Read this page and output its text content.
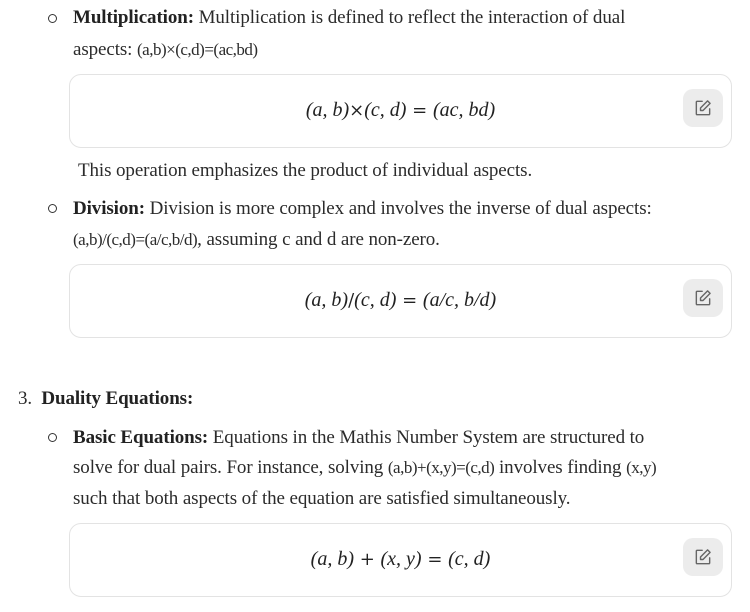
Multiplication: Multiplication is defined to reflect the interaction of dual
aspects: (a,b)×(c,d)=(ac,bd)
(a, b)×(c, d) = (ac, bd)
This operation emphasizes the product of individual aspects.
Division: Division is more complex and involves the inverse of dual aspects:
(a,b)/(c,d)=(a/c,b/d), assuming c and d are non-zero.
(a, b)/(c, d) = (a/c, b/d)
3. Duality Equations:
Basic Equations: Equations in the Mathis Number System are structured to
solve for dual pairs. For instance, solving (a,b)+(x,y)=(c,d) involves finding (x,y)
such that both aspects of the equation are satisfied simultaneously.
(a, b) + (x, y) = (c, d)
